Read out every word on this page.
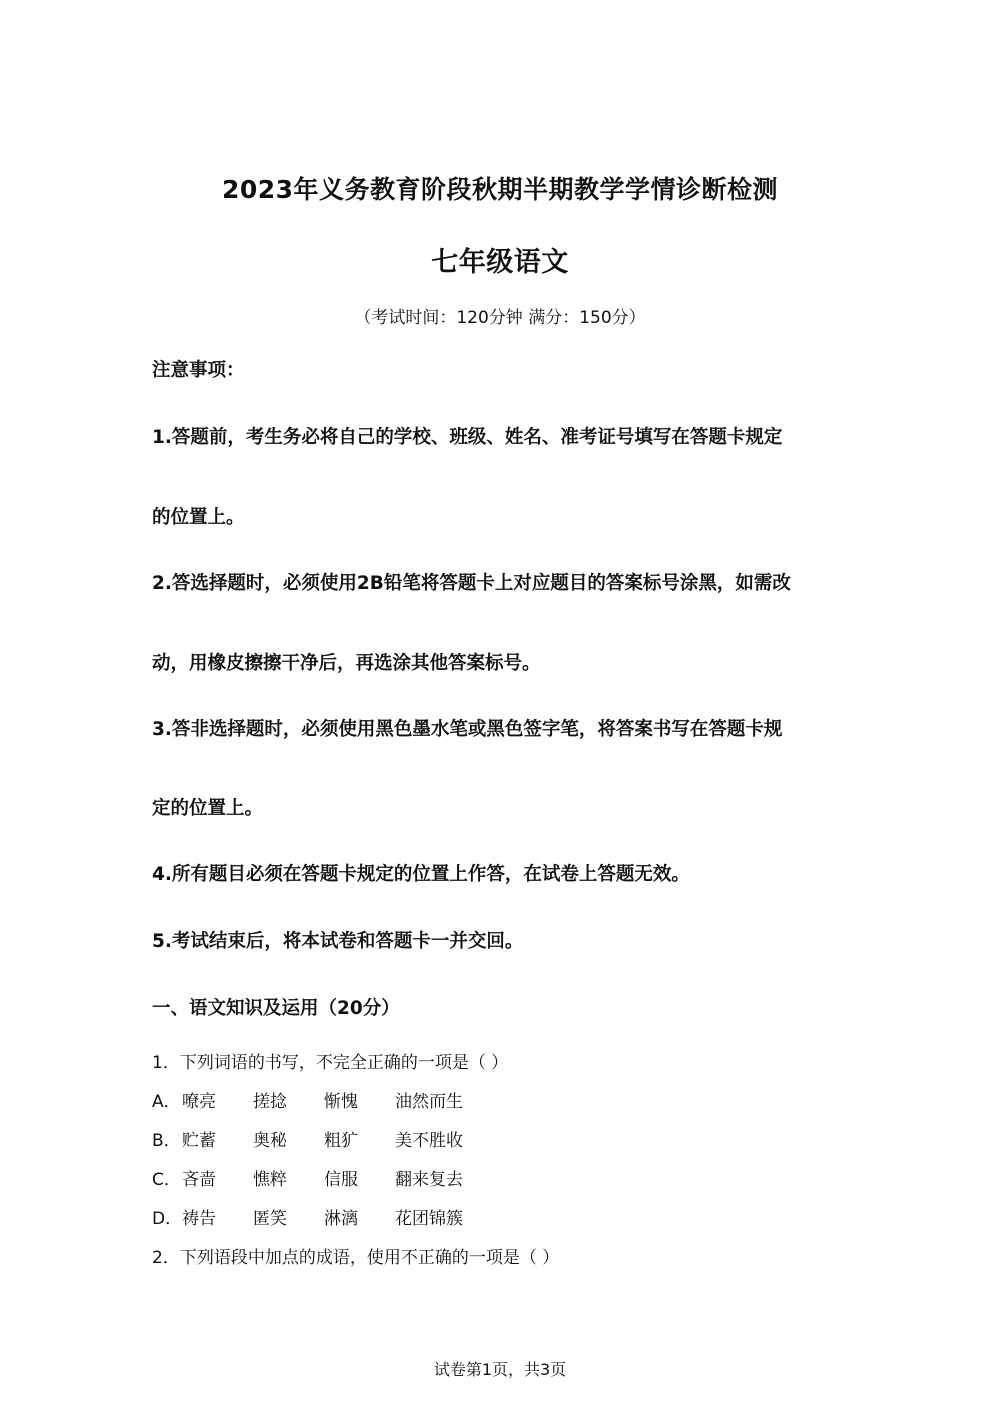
2023年义务教育阶段秋期半期教学学情诊断检测
七年级语文
（考试时间：120分钟 满分：150分）
注意事项：
1.答题前，考生务必将自己的学校、班级、姓名、准考证号填写在答题卡规定
的位置上。
2.答选择题时，必须使用2B铅笔将答题卡上对应题目的答案标号涂黑，如需改
动，用橡皮擦擦干净后，再选涂其他答案标号。
3.答非选择题时，必须使用黑色墨水笔或黑色签字笔，将答案书写在答题卡规
定的位置上。
4.所有题目必须在答题卡规定的位置上作答，在试卷上答题无效。
5.考试结束后，将本试卷和答题卡一并交回。
一、语文知识及运用（20分）
1．下列词语的书写，不完全正确的一项是（ ）
A．嘹亮 搓捻 惭愧 油然而生
B．贮蓄 奥秘 粗犷 美不胜收
C．吝啬 憔粹 信服 翻来复去
D．祷告 匿笑 淋漓 花团锦簇
2．下列语段中加点的成语，使用不正确的一项是（ ）
试卷第1页，共3页
